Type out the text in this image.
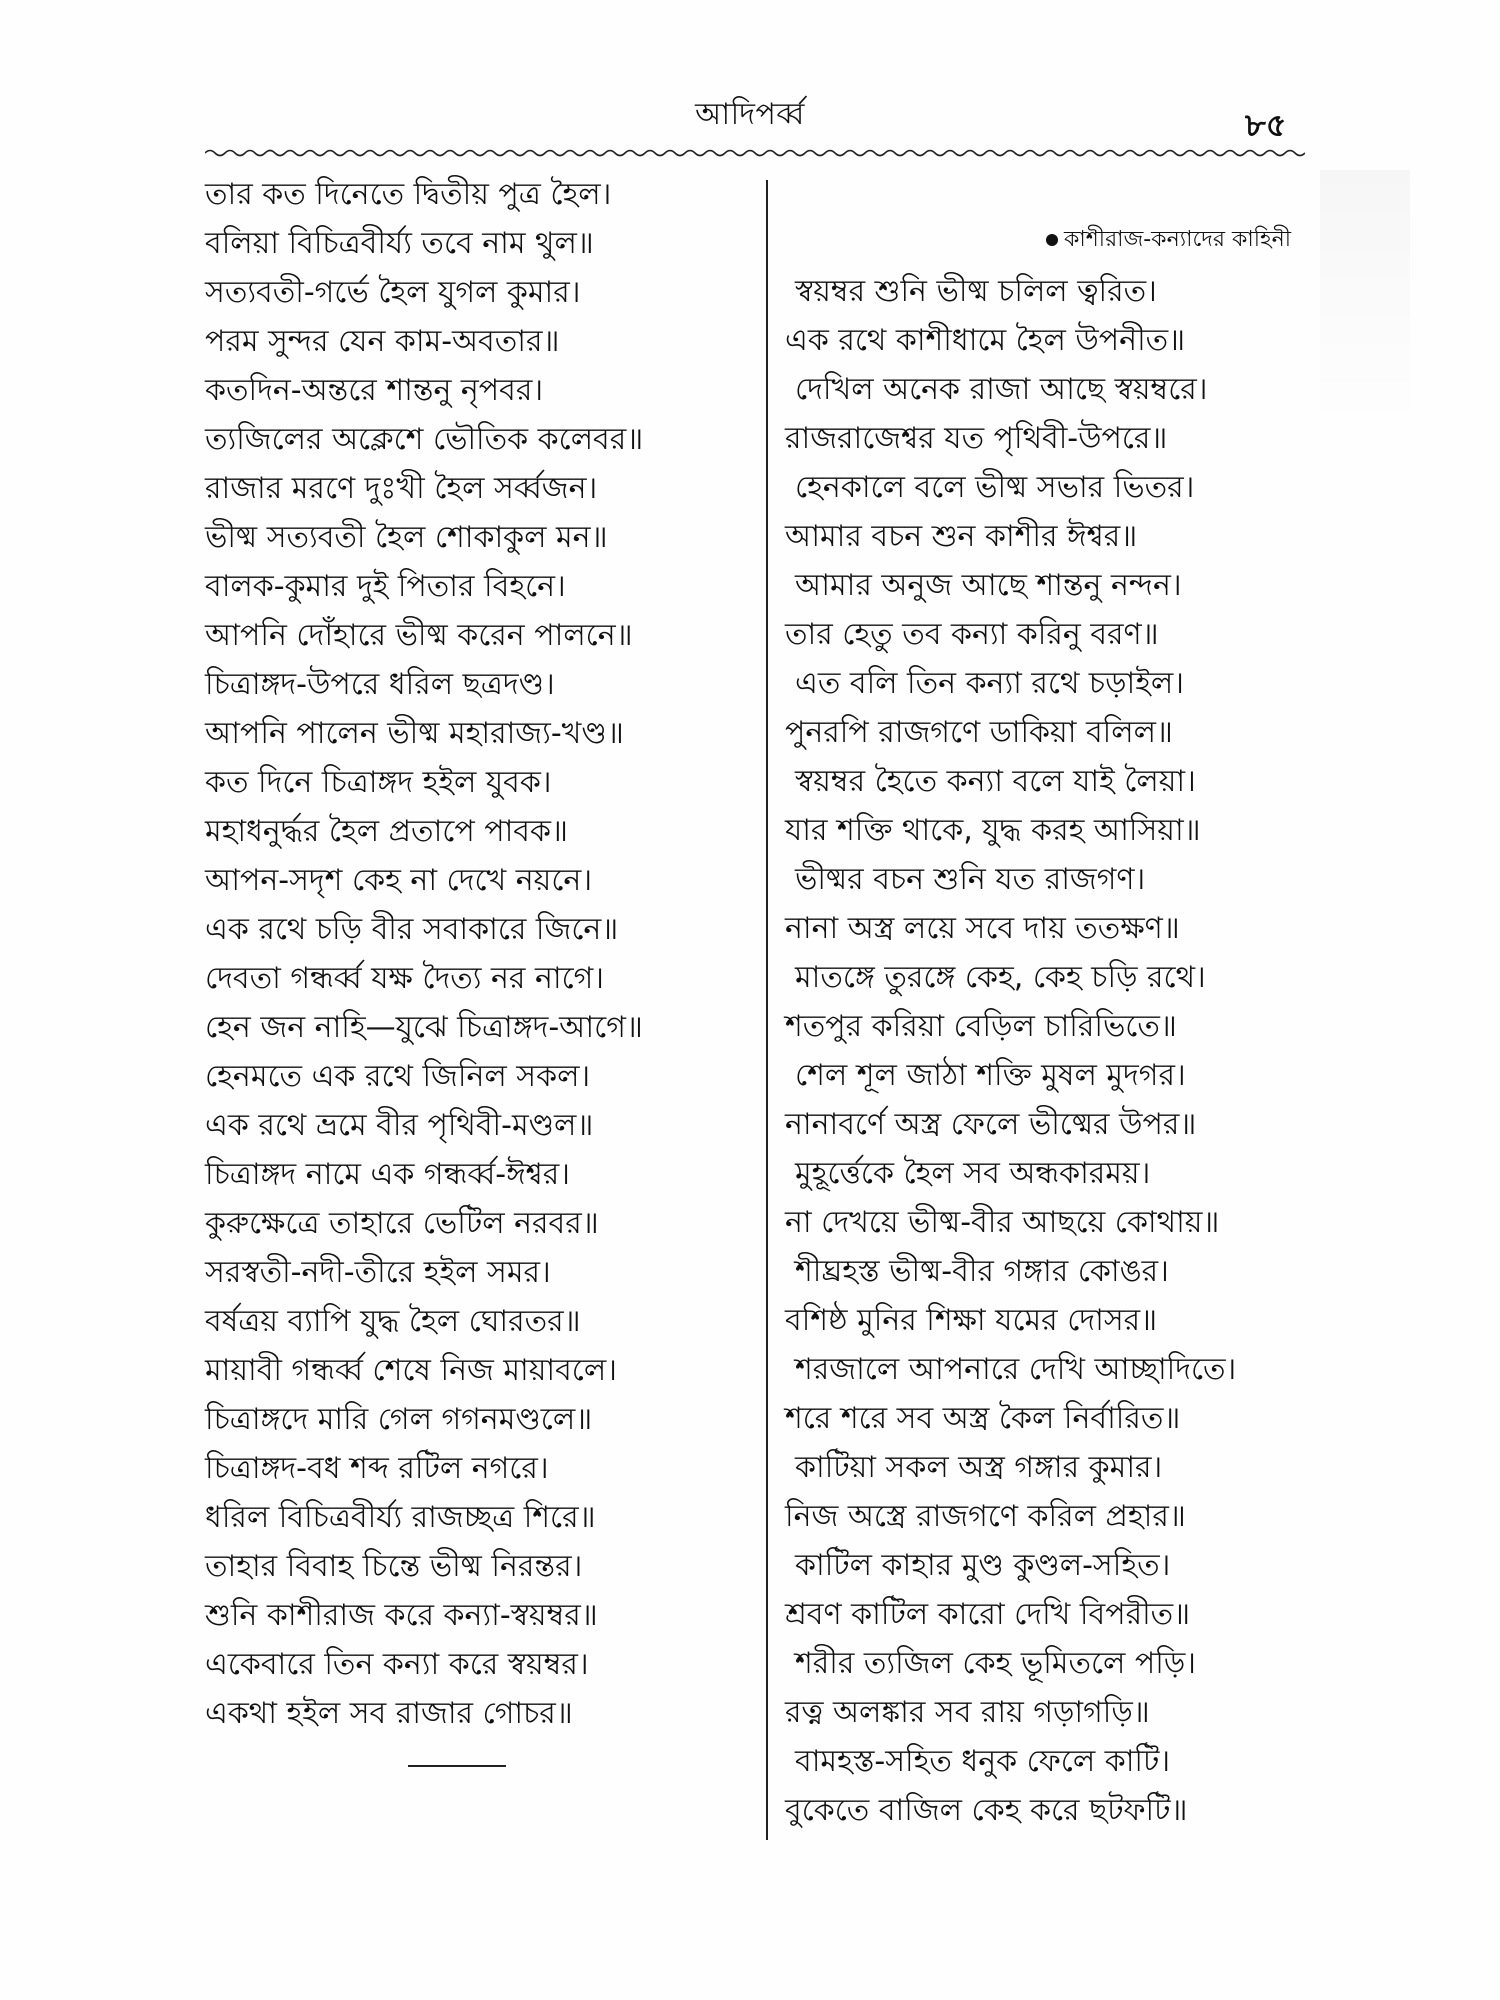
আদিপর্ব্ব	৮৫
তার কত দিনেতে দ্বিতীয় পুত্র হৈল।
বলিয়া বিচিত্রবীর্য্য তবে নাম থুল॥
সত্যবতী-গর্ভে হৈল যুগল কুমার।
পরম সুন্দর যেন কাম-অবতার॥
কতদিন-অন্তরে শান্তনু নৃপবর।
ত্যজিলের অক্লেশে ভৌতিক কলেবর॥
রাজার মরণে দুঃখী হৈল সর্ব্বজন।
ভীষ্ম সত্যবতী হৈল শোকাকুল মন॥
বালক-কুমার দুই পিতার বিহনে।
আপনি দোঁহারে ভীষ্ম করেন পালনে॥
চিত্রাঙ্গদ-উপরে ধরিল ছত্রদণ্ড।
আপনি পালেন ভীষ্ম মহারাজ্য-খণ্ড॥
কত দিনে চিত্রাঙ্গদ হইল যুবক।
মহাধনুর্দ্ধর হৈল প্রতাপে পাবক॥
আপন-সদৃশ কেহ না দেখে নয়নে।
এক রথে চড়ি বীর সবাকারে জিনে॥
দেবতা গন্ধর্ব্ব যক্ষ দৈত্য নর নাগে।
হেন জন নাহি—যুঝে চিত্রাঙ্গদ-আগে॥
হেনমতে এক রথে জিনিল সকল।
এক রথে ভ্রমে বীর পৃথিবী-মণ্ডল॥
চিত্রাঙ্গদ নামে এক গন্ধর্ব্ব-ঈশ্বর।
কুরুক্ষেত্রে তাহারে ভেটিল নরবর॥
সরস্বতী-নদী-তীরে হইল সমর।
বর্ষত্রয় ব্যাপি যুদ্ধ হৈল ঘোরতর॥
মায়াবী গন্ধর্ব্ব শেষে নিজ মায়াবলে।
চিত্রাঙ্গদে মারি গেল গগনমণ্ডলে॥
চিত্রাঙ্গদ-বধ শব্দ রটিল নগরে।
ধরিল বিচিত্রবীর্য্য রাজচ্ছত্র শিরে॥
তাহার বিবাহ চিন্তে ভীষ্ম নিরন্তর।
শুনি কাশীরাজ করে কন্যা-স্বয়ম্বর॥
একেবারে তিন কন্যা করে স্বয়ম্বর।
একথা হইল সব রাজার গোচর॥
কাশীরাজ-কন্যাদের কাহিনী
স্বয়ম্বর শুনি ভীষ্ম চলিল ত্বরিত।
এক রথে কাশীধামে হৈল উপনীত॥
দেখিল অনেক রাজা আছে স্বয়ম্বরে।
রাজরাজেশ্বর যত পৃথিবী-উপরে॥
হেনকালে বলে ভীষ্ম সভার ভিতর।
আমার বচন শুন কাশীর ঈশ্বর॥
আমার অনুজ আছে শান্তনু নন্দন।
তার হেতু তব কন্যা করিনু বরণ॥
এত বলি তিন কন্যা রথে চড়াইল।
পুনরপি রাজগণে ডাকিয়া বলিল॥
স্বয়ম্বর হৈতে কন্যা বলে যাই লৈয়া।
যার শক্তি থাকে, যুদ্ধ করহ আসিয়া॥
ভীষ্মর বচন শুনি যত রাজগণ।
নানা অস্ত্র লয়ে সবে দায় ততক্ষণ॥
মাতঙ্গে তুরঙ্গে কেহ, কেহ চড়ি রথে।
শতপুর করিয়া বেড়িল চারিভিতে॥
শেল শূল জাঠা শক্তি মুষল মুদগর।
নানাবর্ণে অস্ত্র ফেলে ভীষ্মের উপর॥
মুহূর্ত্তেকে হৈল সব অন্ধকারময়।
না দেখয়ে ভীষ্ম-বীর আছয়ে কোথায়॥
শীঘ্রহস্ত ভীষ্ম-বীর গঙ্গার কোঙর।
বশিষ্ঠ মুনির শিক্ষা যমের দোসর॥
শরজালে আপনারে দেখি আচ্ছাদিতে।
শরে শরে সব অস্ত্র কৈল নির্বারিত॥
কাটিয়া সকল অস্ত্র গঙ্গার কুমার।
নিজ অস্ত্রে রাজগণে করিল প্রহার॥
কাটিল কাহার মুণ্ড কুণ্ডল-সহিত।
শ্রবণ কাটিল কারো দেখি বিপরীত॥
শরীর ত্যজিল কেহ ভূমিতলে পড়ি।
রত্ন অলঙ্কার সব রায় গড়াগড়ি॥
বামহস্ত-সহিত ধনুক ফেলে কাটি।
বুকেতে বাজিল কেহ করে ছটফটি॥
